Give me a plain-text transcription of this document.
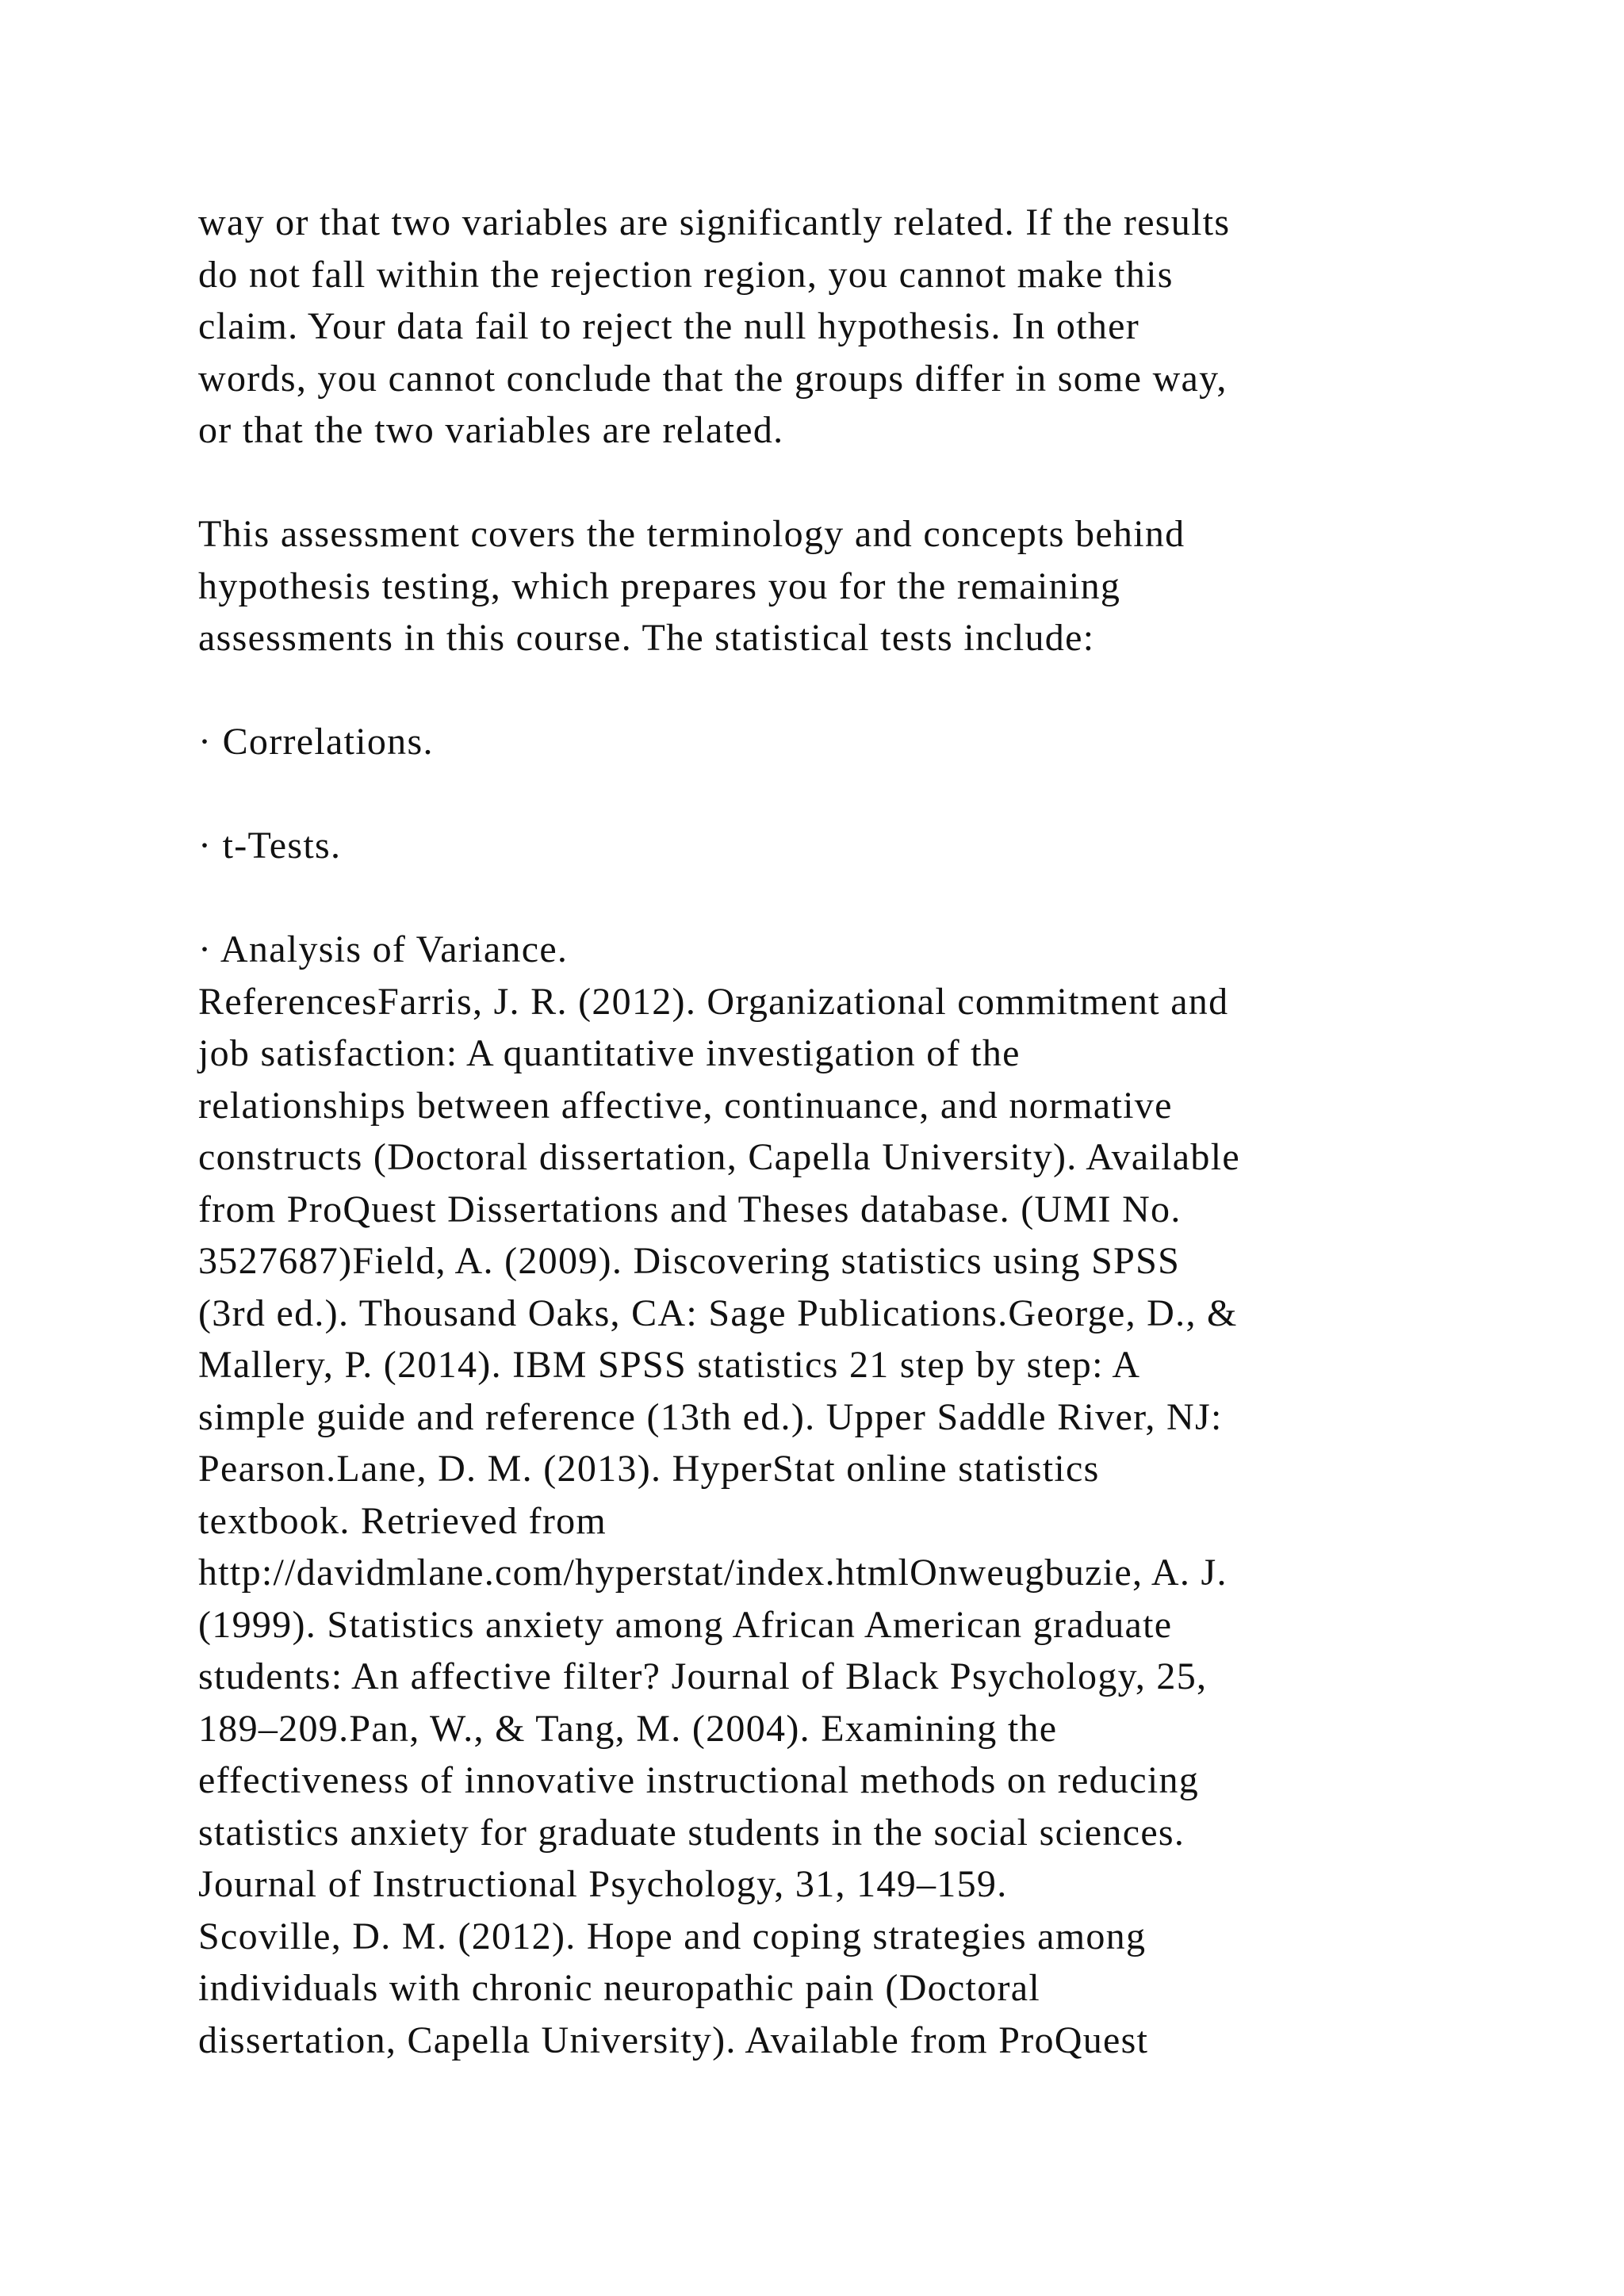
way or that two variables are significantly related. If the results
do not fall within the rejection region, you cannot make this
claim. Your data fail to reject the null hypothesis. In other
words, you cannot conclude that the groups differ in some way,
or that the two variables are related.
This assessment covers the terminology and concepts behind
hypothesis testing, which prepares you for the remaining
assessments in this course. The statistical tests include:
· Correlations.
· t-Tests.
· Analysis of Variance.
ReferencesFarris, J. R. (2012). Organizational commitment and
job satisfaction: A quantitative investigation of the
relationships between affective, continuance, and normative
constructs (Doctoral dissertation, Capella University). Available
from ProQuest Dissertations and Theses database. (UMI No.
3527687)Field, A. (2009). Discovering statistics using SPSS
(3rd ed.). Thousand Oaks, CA: Sage Publications.George, D., &
Mallery, P. (2014). IBM SPSS statistics 21 step by step: A
simple guide and reference (13th ed.). Upper Saddle River, NJ:
Pearson.Lane, D. M. (2013). HyperStat online statistics
textbook. Retrieved from
http://davidmlane.com/hyperstat/index.htmlOnweugbuzie, A. J.
(1999). Statistics anxiety among African American graduate
students: An affective filter? Journal of Black Psychology, 25,
189–209.Pan, W., & Tang, M. (2004). Examining the
effectiveness of innovative instructional methods on reducing
statistics anxiety for graduate students in the social sciences.
Journal of Instructional Psychology, 31, 149–159.
Scoville, D. M. (2012). Hope and coping strategies among
individuals with chronic neuropathic pain (Doctoral
dissertation, Capella University). Available from ProQuest
